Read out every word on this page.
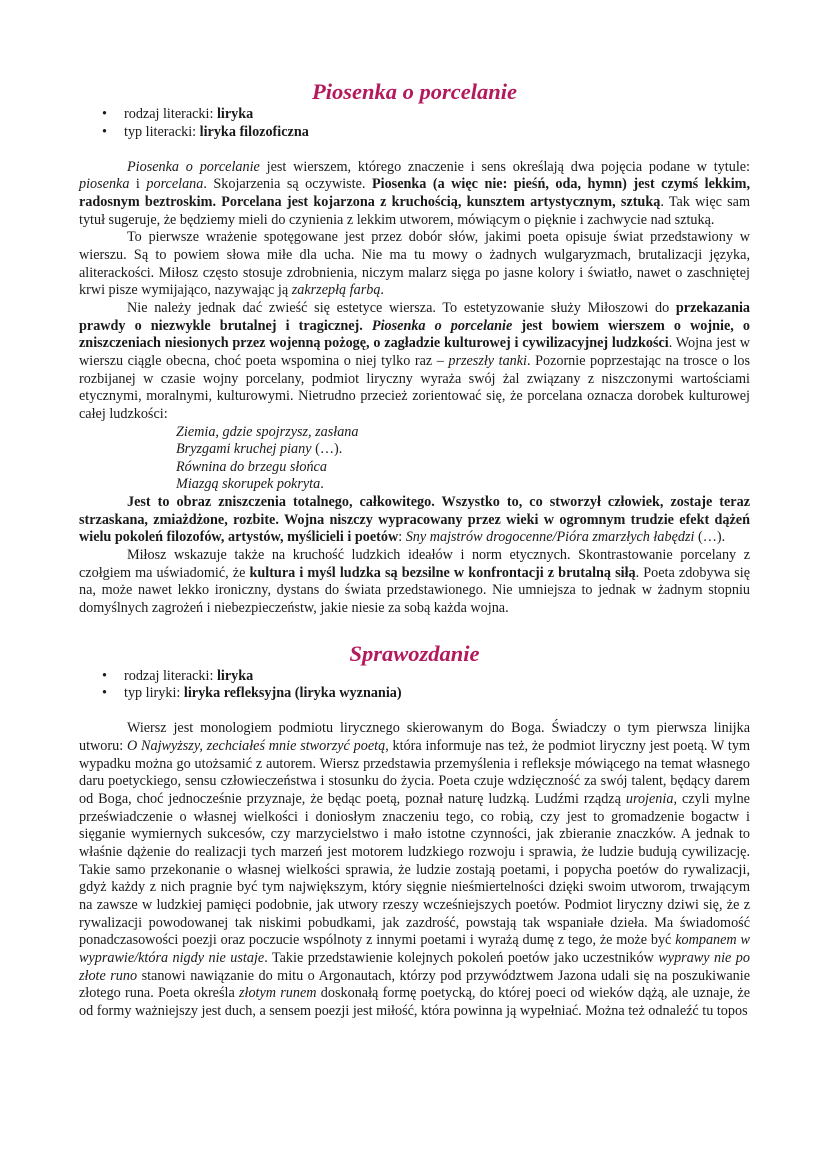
Piosenka o porcelanie
• rodzaj literacki: liryka
• typ literacki: liryka filozoficzna

Piosenka o porcelanie jest wierszem, którego znaczenie i sens określają dwa pojęcia podane w tytule: piosenka i porcelana. Skojarzenia są oczywiste. Piosenka (a więc nie: pieśń, oda, hymn) jest czymś lekkim, radosnym beztroskim. Porcelana jest kojarzona z kruchością, kunsztem artystycznym, sztuką. Tak więc sam tytuł sugeruje, że będziemy mieli do czynienia z lekkim utworem, mówiącym o pięknie i zachwycie nad sztuką.

To pierwsze wrażenie spotęgowane jest przez dobór słów, jakimi poeta opisuje świat przedstawiony w wierszu. Są to powiem słowa miłe dla ucha. Nie ma tu mowy o żadnych wulgaryzmach, brutalizacji języka, aliterackości. Miłosz często stosuje zdrobnienia, niczym malarz sięga po jasne kolory i światło, nawet o zaschniętej krwi pisze wymijająco, nazywając ją zakrzepłą farbą.

Nie należy jednak dać zwieść się estetyce wiersza. To estetyzowanie służy Miłoszowi do przekazania prawdy o niezwykle brutalnej i tragicznej. Piosenka o porcelanie jest bowiem wierszem o wojnie, o zniszczeniach niesionych przez wojenną pożogę, o zagładzie kulturowej i cywilizacyjnej ludzkości. Wojna jest w wierszu ciągle obecna, choć poeta wspomina o niej tylko raz – przeszły tanki. Pozornie poprzestając na trosce o los rozbijanej w czasie wojny porcelany, podmiot liryczny wyraża swój żal związany z niszczonymi wartościami etycznymi, moralnymi, kulturowymi. Nietrudno przecież zorientować się, że porcelana oznacza dorobek kulturowej całej ludzkości:

Ziemia, gdzie spojrzysz, zasłana
Bryzgami kruchej piany (…).
Równina do brzegu słońca
Miazgą skorupek pokryta.

Jest to obraz zniszczenia totalnego, całkowitego. Wszystko to, co stworzył człowiek, zostaje teraz strzaskana, zmiażdżone, rozbite. Wojna niszczy wypracowany przez wieki w ogromnym trudzie efekt dążeń wielu pokoleń filozofów, artystów, myślicieli i poetów: Sny majstrów drogocenne/Pióra zmarzłych łabędzi (…).

Miłosz wskazuje także na kruchość ludzkich ideałów i norm etycznych. Skontrastowanie porcelany z czołgiem ma uświadomić, że kultura i myśl ludzka są bezsilne w konfrontacji z brutalną siłą. Poeta zdobywa się na, może nawet lekko ironiczny, dystans do świata przedstawionego. Nie umniejsza to jednak w żadnym stopniu domyślnych zagrożeń i niebezpieczeństw, jakie niesie za sobą każda wojna.

Sprawozdanie
• rodzaj literacki: liryka
• typ liryki: liryka refleksyjna (liryka wyznania)

Wiersz jest monologiem podmiotu lirycznego skierowanym do Boga. Świadczy o tym pierwsza linijka utworu: O Najwyższy, zechciałeś mnie stworzyć poetą, która informuje nas też, że podmiot liryczny jest poetą. W tym wypadku można go utożsamić z autorem. Wiersz przedstawia przemyślenia i refleksje mówiącego na temat własnego daru poetyckiego, sensu człowieczeństwa i stosunku do życia. Poeta czuje wdzięczność za swój talent, będący darem od Boga, choć jednocześnie przyznaje, że będąc poetą, poznał naturę ludzką. Ludźmi rządzą urojenia, czyli mylne przeświadczenie o własnej wielkości i doniosłym znaczeniu tego, co robią, czy jest to gromadzenie bogactw i sięganie wymiernych sukcesów, czy marzycielstwo i mało istotne czynności, jak zbieranie znaczków. A jednak to właśnie dążenie do realizacji tych marzeń jest motorem ludzkiego rozwoju i sprawia, że ludzie budują cywilizację. Takie samo przekonanie o własnej wielkości sprawia, że ludzie zostają poetami, i popycha poetów do rywalizacji, gdyż każdy z nich pragnie być tym największym, który sięgnie nieśmiertelności dzięki swoim utworom, trwającym na zawsze w ludzkiej pamięci podobnie, jak utwory rzeszy wcześniejszych poetów. Podmiot liryczny dziwi się, że z rywalizacji powodowanej tak niskimi pobudkami, jak zazdrość, powstają tak wspaniałe dzieła. Ma świadomość ponadczasowości poezji oraz poczucie wspólnoty z innymi poetami i wyrażą dumę z tego, że może być kompanem w wyprawie/która nigdy nie ustaje. Takie przedstawienie kolejnych pokoleń poetów jako uczestników wyprawy nie po złote runo stanowi nawiązanie do mitu o Argonautach, którzy pod przywództwem Jazona udali się na poszukiwanie złotego runa. Poeta określa złotym runem doskonałą formę poetycką, do której poeci od wieków dążą, ale uznaje, że od formy ważniejszy jest duch, a sensem poezji jest miłość, która powinna ją wypełniać. Można też odnaleźć tu topos
